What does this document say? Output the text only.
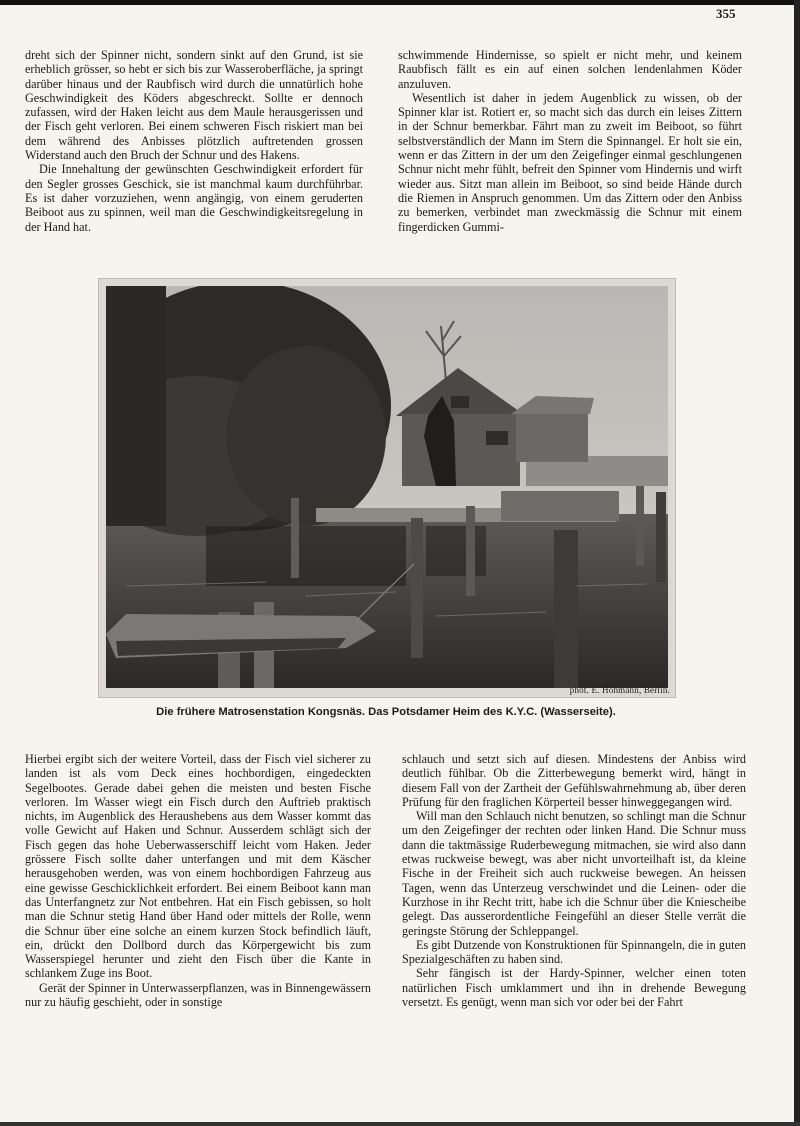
355

dreht sich der Spinner nicht, sondern sinkt auf den Grund, ist sie erheblich grösser, so hebt er sich bis zur Wasseroberfläche, ja springt darüber hinaus und der Raubfisch wird durch die unnatürlich hohe Geschwindigkeit des Köders abgeschreckt. Sollte er dennoch zufassen, wird der Haken leicht aus dem Maule herausgerissen und der Fisch geht verloren. Bei einem schweren Fisch riskiert man bei dem während des Anbisses plötzlich auftretenden grossen Widerstand auch den Bruch der Schnur und des Hakens.

Die Innehaltung der gewünschten Geschwindigkeit erfordert für den Segler grosses Geschick, sie ist manchmal kaum durchführbar. Es ist daher vorzuziehen, wenn angängig, von einem geruderten Beiboot aus zu spinnen, weil man die Geschwindigkeitsregelung in der Hand hat.

schwimmende Hindernisse, so spielt er nicht mehr, und keinem Raubfisch fällt es ein auf einen solchen lendenlahmen Köder anzuluven.

Wesentlich ist daher in jedem Augenblick zu wissen, ob der Spinner klar ist. Rotiert er, so macht sich das durch ein leises Zittern in der Schnur bemerkbar. Fährt man zu zweit im Beiboot, so führt selbstverständlich der Mann im Stern die Spinnangel. Er holt sie ein, wenn er das Zittern in der um den Zeigefinger einmal geschlungenen Schnur nicht mehr fühlt, befreit den Spinner vom Hindernis und wirft wieder aus. Sitzt man allein im Beiboot, so sind beide Hände durch die Riemen in Anspruch genommen. Um das Zittern oder den Anbiss zu bemerken, verbindet man zweckmässig die Schnur mit einem fingerdicken Gummi-

phot. E. Hohmann, Berlin.
Die frühere Matrosenstation Kongsnäs. Das Potsdamer Heim des K.Y.C. (Wasserseite).

Hierbei ergibt sich der weitere Vorteil, dass der Fisch viel sicherer zu landen ist als vom Deck eines hochbordigen, eingedeckten Segelbootes. Gerade dabei gehen die meisten und besten Fische verloren. Im Wasser wiegt ein Fisch durch den Auftrieb praktisch nichts, im Augenblick des Heraushebens aus dem Wasser kommt das volle Gewicht auf Haken und Schnur. Ausserdem schlägt sich der Fisch gegen das hohe Ueberwasserschiff leicht vom Haken. Jeder grössere Fisch sollte daher unterfangen und mit dem Käscher herausgehoben werden, was von einem hochbordigen Fahrzeug aus eine gewisse Geschicklichkeit erfordert. Bei einem Beiboot kann man das Unterfangnetz zur Not entbehren. Hat ein Fisch gebissen, so holt man die Schnur stetig Hand über Hand oder mittels der Rolle, wenn die Schnur über eine solche an einem kurzen Stock befindlich läuft, ein, drückt den Dollbord durch das Körpergewicht bis zum Wasserspiegel herunter und zieht den Fisch über die Kante in schlankem Zuge ins Boot.

Gerät der Spinner in Unterwasserpflanzen, was in Binnengewässern nur zu häufig geschieht, oder in sonstige

schlauch und setzt sich auf diesen. Mindestens der Anbiss wird deutlich fühlbar. Ob die Zitterbewegung bemerkt wird, hängt in diesem Fall von der Zartheit der Gefühlswahrnehmung ab, über deren Prüfung für den fraglichen Körperteil besser hinweggegangen wird.

Will man den Schlauch nicht benutzen, so schlingt man die Schnur um den Zeigefinger der rechten oder linken Hand. Die Schnur muss dann die taktmässige Ruderbewegung mitmachen, sie wird also dann etwas ruckweise bewegt, was aber nicht unvorteilhaft ist, da kleine Fische in der Freiheit sich auch ruckweise bewegen. An heissen Tagen, wenn das Unterzeug verschwindet und die Leinen- oder die Kurzhose in ihr Recht tritt, habe ich die Schnur über die Kniescheibe gelegt. Das ausserordentliche Feingefühl an dieser Stelle verrät die geringste Störung der Schleppangel.

Es gibt Dutzende von Konstruktionen für Spinnangeln, die in guten Spezialgeschäften zu haben sind.

Sehr fängisch ist der Hardy-Spinner, welcher einen toten natürlichen Fisch umklammert und ihn in drehende Bewegung versetzt. Es genügt, wenn man sich vor oder bei der Fahrt
